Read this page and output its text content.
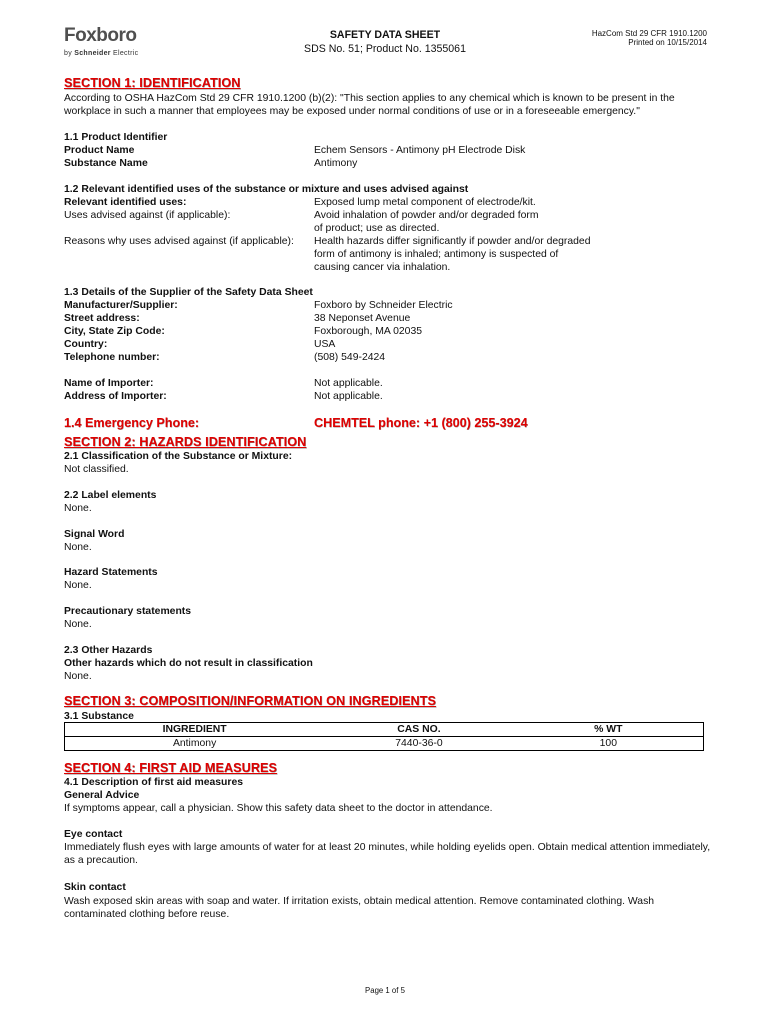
Foxboro
by Schneider Electric
SAFETY DATA SHEET
SDS No. 51; Product No. 1355061
HazCom Std 29 CFR 1910.1200
Printed on 10/15/2014
SECTION 1: IDENTIFICATION
According to OSHA HazCom Std 29 CFR 1910.1200 (b)(2): "This section applies to any chemical which is known to be present in the
workplace in such a manner that employees may be exposed under normal conditions of use or in a foreseeable emergency."
1.1 Product Identifier
Product Name	Echem Sensors - Antimony pH Electrode Disk
Substance Name	Antimony
1.2 Relevant identified uses of the substance or mixture and uses advised against
Relevant identified uses:	Exposed lump metal component of electrode/kit.
Uses advised against (if applicable):	Avoid inhalation of powder and/or degraded form
of product; use as directed.
Reasons why uses advised against (if applicable): Health hazards differ significantly if powder and/or degraded
form of antimony is inhaled; antimony is suspected of
causing cancer via inhalation.
1.3 Details of the Supplier of the Safety Data Sheet
Manufacturer/Supplier:	Foxboro by Schneider Electric
Street address:	38 Neponset Avenue
City, State Zip Code:	Foxborough, MA 02035
Country:	USA
Telephone number:	(508) 549-2424
Name of Importer:	Not applicable.
Address of Importer:	Not applicable.
1.4 Emergency Phone:	CHEMTEL phone: +1 (800) 255-3924
SECTION 2: HAZARDS IDENTIFICATION
2.1 Classification of the Substance or Mixture:
Not classified.
2.2 Label elements
None.
Signal Word
None.
Hazard Statements
None.
Precautionary statements
None.
2.3 Other Hazards
Other hazards which do not result in classification
None.
SECTION 3: COMPOSITION/INFORMATION ON INGREDIENTS
3.1 Substance
INGREDIENT	CAS NO.	% WT
Antimony	7440-36-0	100
SECTION 4: FIRST AID MEASURES
4.1 Description of first aid measures
General Advice
If symptoms appear, call a physician. Show this safety data sheet to the doctor in attendance.
Eye contact
Immediately flush eyes with large amounts of water for at least 20 minutes, while holding eyelids open. Obtain medical attention immediately,
as a precaution.
Skin contact
Wash exposed skin areas with soap and water. If irritation exists, obtain medical attention. Remove contaminated clothing. Wash
contaminated clothing before reuse.
Page 1 of 5
